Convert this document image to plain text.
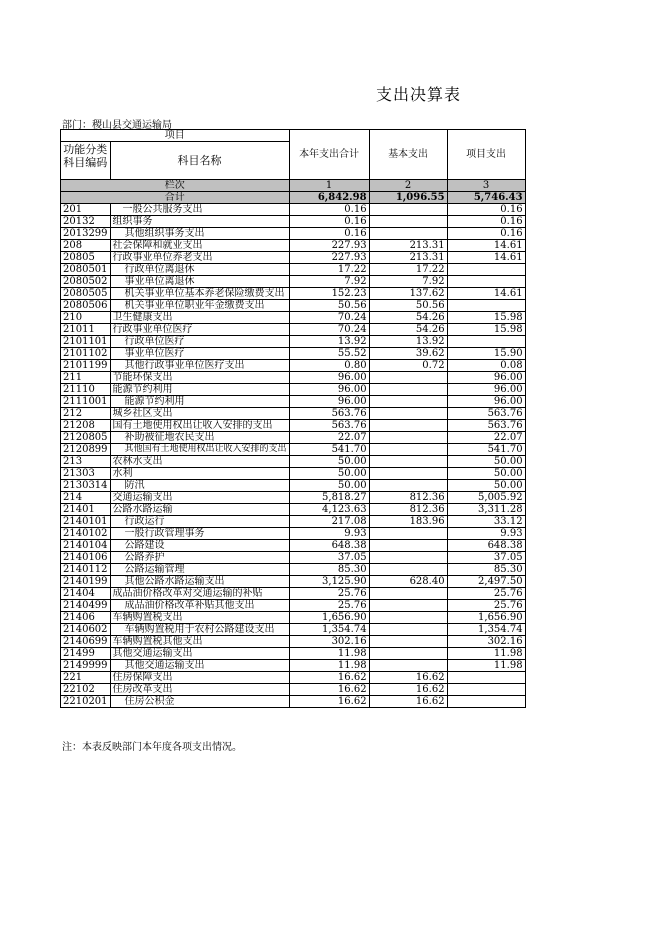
支出决算表
部门：稷山县交通运输局
项目		本年支出合计	基本支出	项目支出
功能分类科目编码	科目名称			
栏次		1	2	3
合计		6,842.98	1,096.55	5,746.43
201	一般公共服务支出	0.16		0.16
20132	组织事务	0.16		0.16
2013299	其他组织事务支出	0.16		0.16
208	社会保障和就业支出	227.93	213.31	14.61
20805	行政事业单位养老支出	227.93	213.31	14.61
2080501	行政单位离退休	17.22	17.22	
2080502	事业单位离退休	7.92	7.92	
2080505	机关事业单位基本养老保险缴费支出	152.23	137.62	14.61
2080506	机关事业单位职业年金缴费支出	50.56	50.56	
210	卫生健康支出	70.24	54.26	15.98
21011	行政事业单位医疗	70.24	54.26	15.98
2101101	行政单位医疗	13.92	13.92	
2101102	事业单位医疗	55.52	39.62	15.90
2101199	其他行政事业单位医疗支出	0.80	0.72	0.08
211	节能环保支出	96.00		96.00
21110	能源节约利用	96.00		96.00
2111001	能源节约利用	96.00		96.00
212	城乡社区支出	563.76		563.76
21208	国有土地使用权出让收入安排的支出	563.76		563.76
2120805	补助被征地农民支出	22.07		22.07
2120899	其他国有土地使用权出让收入安排的支出	541.70		541.70
213	农林水支出	50.00		50.00
21303	水利	50.00		50.00
2130314	防汛	50.00		50.00
214	交通运输支出	5,818.27	812.36	5,005.92
21401	公路水路运输	4,123.63	812.36	3,311.28
2140101	行政运行	217.08	183.96	33.12
2140102	一般行政管理事务	9.93		9.93
2140104	公路建设	648.38		648.38
2140106	公路养护	37.05		37.05
2140112	公路运输管理	85.30		85.30
2140199	其他公路水路运输支出	3,125.90	628.40	2,497.50
21404	成品油价格改革对交通运输的补贴	25.76		25.76
2140499	成品油价格改革补贴其他支出	25.76		25.76
21406	车辆购置税支出	1,656.90		1,656.90
2140602	车辆购置税用于农村公路建设支出	1,354.74		1,354.74
2140699	车辆购置税其他支出	302.16		302.16
21499	其他交通运输支出	11.98		11.98
2149999	其他交通运输支出	11.98		11.98
221	住房保障支出	16.62	16.62	
22102	住房改革支出	16.62	16.62	
2210201	住房公积金	16.62	16.62	
注：本表反映部门本年度各项支出情况。
